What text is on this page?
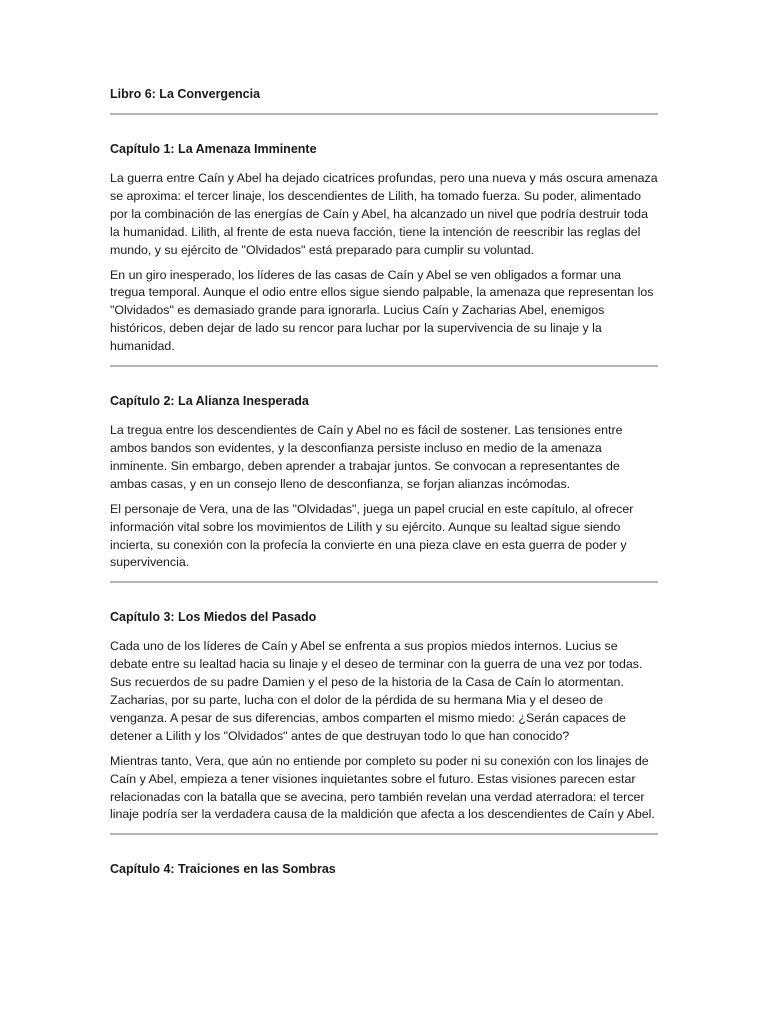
Libro 6: La Convergencia
Capítulo 1: La Amenaza Imminente

La guerra entre Caín y Abel ha dejado cicatrices profundas, pero una nueva y más oscura amenaza se aproxima: el tercer linaje, los descendientes de Lilith, ha tomado fuerza. Su poder, alimentado por la combinación de las energías de Caín y Abel, ha alcanzado un nivel que podría destruir toda la humanidad. Lilith, al frente de esta nueva facción, tiene la intención de reescribir las reglas del mundo, y su ejército de "Olvidados" está preparado para cumplir su voluntad.

En un giro inesperado, los líderes de las casas de Caín y Abel se ven obligados a formar una tregua temporal. Aunque el odio entre ellos sigue siendo palpable, la amenaza que representan los "Olvidados" es demasiado grande para ignorarla. Lucius Caín y Zacharias Abel, enemigos históricos, deben dejar de lado su rencor para luchar por la supervivencia de su linaje y la humanidad.

Capítulo 2: La Alianza Inesperada

La tregua entre los descendientes de Caín y Abel no es fácil de sostener. Las tensiones entre ambos bandos son evidentes, y la desconfianza persiste incluso en medio de la amenaza inminente. Sin embargo, deben aprender a trabajar juntos. Se convocan a representantes de ambas casas, y en un consejo lleno de desconfianza, se forjan alianzas incómodas.

El personaje de Vera, una de las "Olvidadas", juega un papel crucial en este capítulo, al ofrecer información vital sobre los movimientos de Lilith y su ejército. Aunque su lealtad sigue siendo incierta, su conexión con la profecía la convierte en una pieza clave en esta guerra de poder y supervivencia.

Capítulo 3: Los Miedos del Pasado

Cada uno de los líderes de Caín y Abel se enfrenta a sus propios miedos internos. Lucius se debate entre su lealtad hacia su linaje y el deseo de terminar con la guerra de una vez por todas. Sus recuerdos de su padre Damien y el peso de la historia de la Casa de Caín lo atormentan. Zacharias, por su parte, lucha con el dolor de la pérdida de su hermana Mia y el deseo de venganza. A pesar de sus diferencias, ambos comparten el mismo miedo: ¿Serán capaces de detener a Lilith y los "Olvidados" antes de que destruyan todo lo que han conocido?

Mientras tanto, Vera, que aún no entiende por completo su poder ni su conexión con los linajes de Caín y Abel, empieza a tener visiones inquietantes sobre el futuro. Estas visiones parecen estar relacionadas con la batalla que se avecina, pero también revelan una verdad aterradora: el tercer linaje podría ser la verdadera causa de la maldición que afecta a los descendientes de Caín y Abel.

Capítulo 4: Traiciones en las Sombras
